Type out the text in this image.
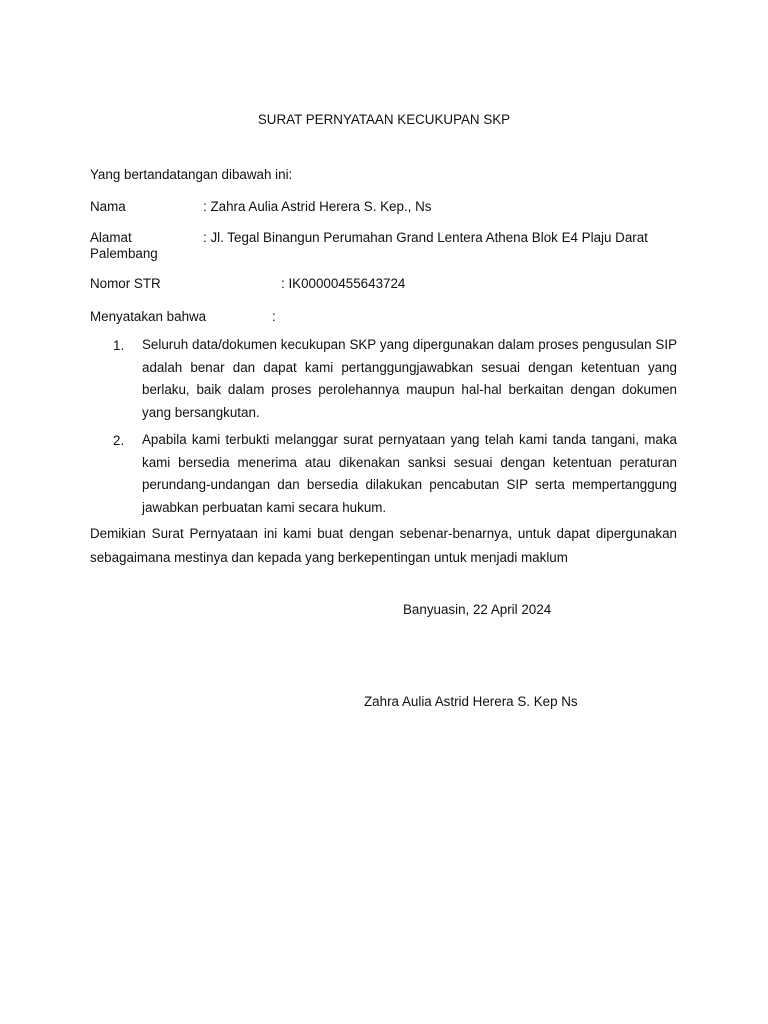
SURAT PERNYATAAN KECUKUPAN SKP
Yang bertandatangan dibawah ini:
Nama	: Zahra Aulia Astrid Herera S. Kep., Ns
Alamat	: Jl. Tegal Binangun Perumahan Grand Lentera Athena Blok E4 Plaju Darat
Palembang
Nomor STR	: IK00000455643724
Menyatakan bahwa	:
1. Seluruh data/dokumen kecukupan SKP yang dipergunakan dalam proses pengusulan SIP adalah benar dan dapat kami pertanggungjawabkan sesuai dengan ketentuan yang berlaku, baik dalam proses perolehannya maupun hal-hal berkaitan dengan dokumen yang bersangkutan.
2. Apabila kami terbukti melanggar surat pernyataan yang telah kami tanda tangani, maka kami bersedia menerima atau dikenakan sanksi sesuai dengan ketentuan peraturan perundang-undangan dan bersedia dilakukan pencabutan SIP serta mempertanggung jawabkan perbuatan kami secara hukum.
Demikian Surat Pernyataan ini kami buat dengan sebenar-benarnya, untuk dapat dipergunakan sebagaimana mestinya dan kepada yang berkepentingan untuk menjadi maklum
Banyuasin, 22 April 2024
Zahra Aulia Astrid Herera S. Kep Ns
